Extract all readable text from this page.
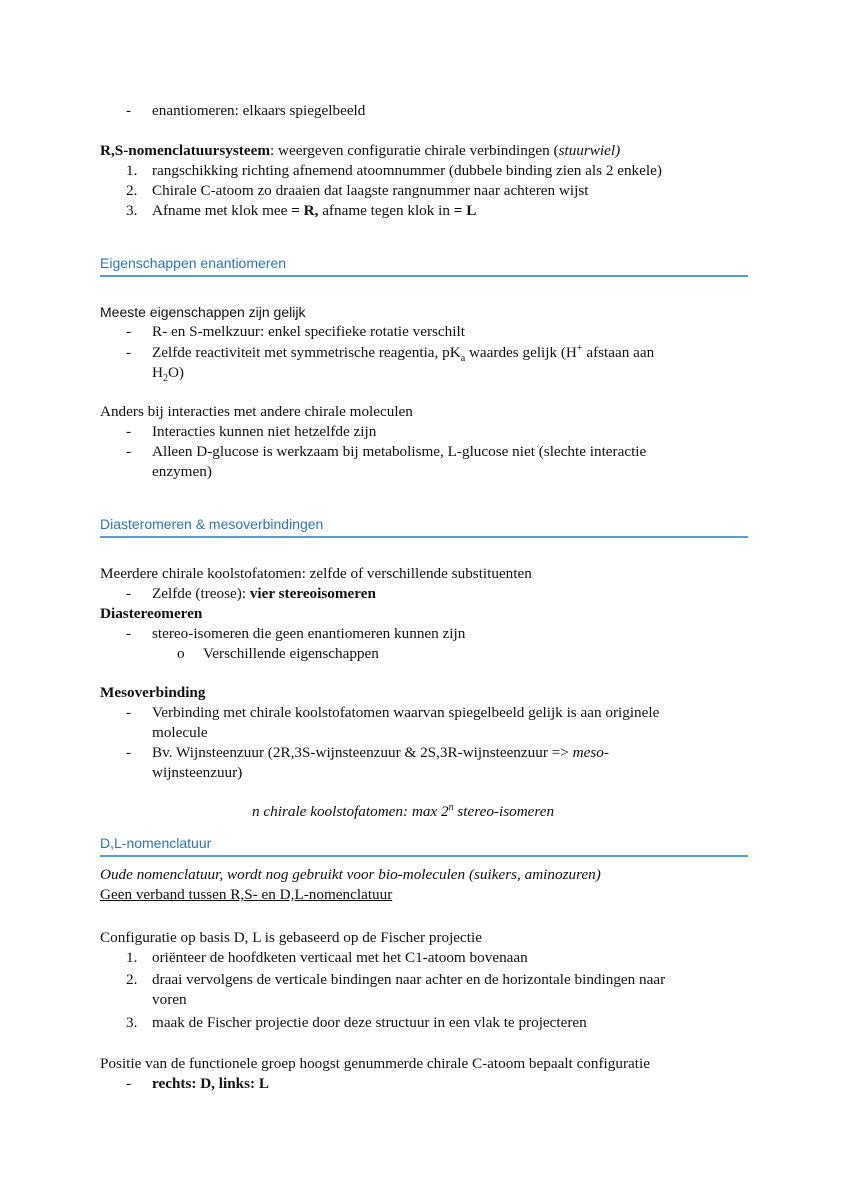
-	enantiomeren: elkaars spiegelbeeld
R,S-nomenclatuursysteem: weergeven configuratie chirale verbindingen (stuurwiel)
1. rangschikking richting afnemend atoomnummer (dubbele binding zien als 2 enkele)
2. Chirale C-atoom zo draaien dat laagste rangnummer naar achteren wijst
3. Afname met klok mee = R, afname tegen klok in = L
Eigenschappen enantiomeren
Meeste eigenschappen zijn gelijk
-	R- en S-melkzuur: enkel specifieke rotatie verschilt
-	Zelfde reactiviteit met symmetrische reagentia, $pK_a$ waardes gelijk (H+ afstaan aan
$H_2O$)
Anders bij interacties met andere chirale moleculen
-	Interacties kunnen niet hetzelfde zijn
-	Alleen D-glucose is werkzaam bij metabolisme, L-glucose niet (slechte interactie
enzymen)
Diasteromeren & mesoverbindingen
Meerdere chirale koolstofatomen: zelfde of verschillende substituenten
-	Zelfde (treose): vier stereoisomeren
Diastereomeren
-	stereo-isomeren die geen enantiomeren kunnen zijn
o	Verschillende eigenschappen
Mesoverbinding
-	Verbinding met chirale koolstofatomen waarvan spiegelbeeld gelijk is aan originele
molecule
-	Bv. Wijnsteenzuur (2R,3S-wijnsteenzuur & 2S,3R-wijnsteenzuur => meso-
wijnsteenzuur)
n chirale koolstofatomen: max 2$^n$ stereo-isomeren
D,L-nomenclatuur
Oude nomenclatuur, wordt nog gebruikt voor bio-moleculen (suikers, aminozuren)
Geen verband tussen R,S- en D,L-nomenclatuur
Configuratie op basis D, L is gebaseerd op de Fischer projectie
1. oriënteer de hoofdketen verticaal met het C1-atoom bovenaan
2. draai vervolgens de verticale bindingen naar achter en de horizontale bindingen naar
voren
3. maak de Fischer projectie door deze structuur in een vlak te projecteren
Positie van de functionele groep hoogst genummerde chirale C-atoom bepaalt configuratie
-	rechts: D, links: L
